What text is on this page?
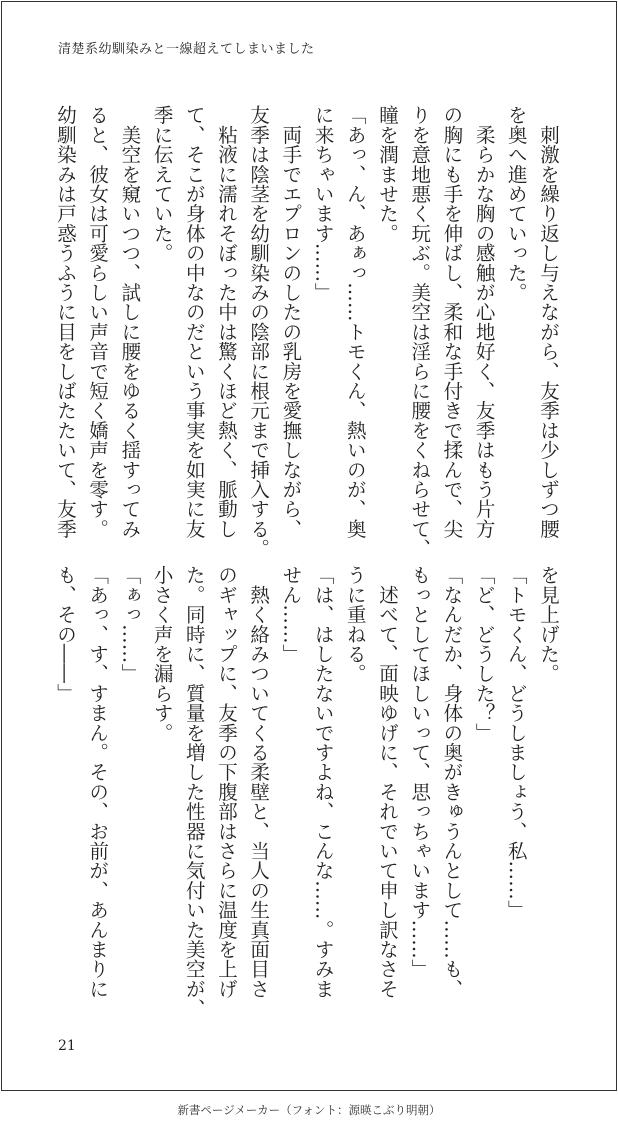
清楚系幼馴染みと一線超えてしまいました
　刺激を繰り返し与えながら、友季は少しずつ腰
を奥へ進めていった。
　柔らかな胸の感触が心地好く、友季はもう片方
の胸にも手を伸ばし、柔和な手付きで揉んで、尖
りを意地悪く玩ぶ。美空は淫らに腰をくねらせて、
瞳を潤ませた。
「あっ、ん、あぁっ……トモくん、熱いのが、奥
に来ちゃいます……」
　両手でエプロンのしたの乳房を愛撫しながら、
友季は陰茎を幼馴染みの陰部に根元まで挿入する。
　粘液に濡れそぼった中は驚くほど熱く、脈動し
て、そこが身体の中なのだという事実を如実に友
季に伝えていた。
　美空を窺いつつ、試しに腰をゆるく揺すってみ
ると、彼女は可愛らしい声音で短く嬌声を零す。
幼馴染みは戸惑うふうに目をしばたたいて、友季
を見上げた。
「トモくん、どうしましょう、私……」
「ど、どうした？」
「なんだか、身体の奥がきゅうんとして……も、
もっとしてほしいって、思っちゃいます……」
　述べて、面映ゆげに、それでいて申し訳なさそ
うに重ねる。
「は、はしたないですよね、こんな……。すみま
せん……」
　熱く絡みついてくる柔壁と、当人の生真面目さ
のギャップに、友季の下腹部はさらに温度を上げ
た。同時に、質量を増した性器に気付いた美空が、
小さく声を漏らす。
「ぁっ……」
「あっ、す、すまん。その、お前が、あんまりに
も、その――」
21
新書ページメーカー（フォント：源暎こぶり明朝）
